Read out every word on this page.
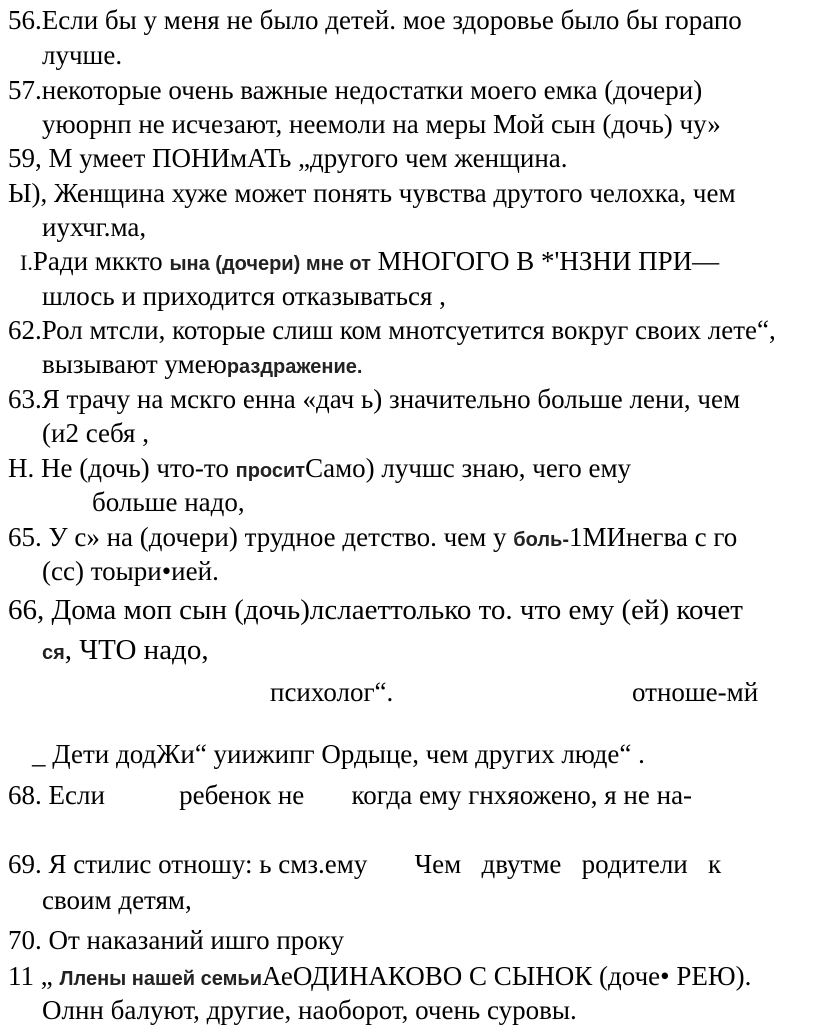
56.Если бы у меня не было детей. мое здоровье было бы горапо
лучше.
57.некоторые очень важные недостатки моего емка (дочери)
уюорнп не исчезают, неемоли на меры Мой сын (дочь) чу»
59, М умеет ПОНИмАТь „другого чем женщина.
Ы), Женщина хуже может понять чувства друтого челохка, чем
иухчг.ма,
I.Ради мккто ына (дочери) мне от МНОГОГО В *'НЗНИ ПРИ—
шлось и приходится отказываться ,
62.Рол мтсли, которые слиш ком мнотсуетится вокруг своих лете“,
вызывают умеюраздражение.
63.Я трачу на мскго енна «дач ь) значительно больше лени, чем
(и2 себя ,
Н. Не (дочь) что-то проситСамо) лучшс знаю, чего ему
больше надо,
65. У с» на (дочери) трудное детство. чем у боль-1МИнегва с го
(сс) тоыри•ией.
66, Дома моп сын (дочь)лслаеттолько то. что ему (ей) кочет
ся, ЧТО надо,
психолог“.	отноше-мй
_ Дети додЖи“ уиижипг Ордыце, чем других люде“ .
68. Если           ребенок не       когда ему гнхяожено, я не на-
69. Я стилис отношу: ь смз.ему       Чем   двутме   родители   к
своим детям,
70. От наказаний ишго проку
11 „ Ллены нашей семьиАеОДИНАКОВО С СЫНОК (доче• РЕЮ).
Олнн балуют, другие, наоборот, очень суровы.
